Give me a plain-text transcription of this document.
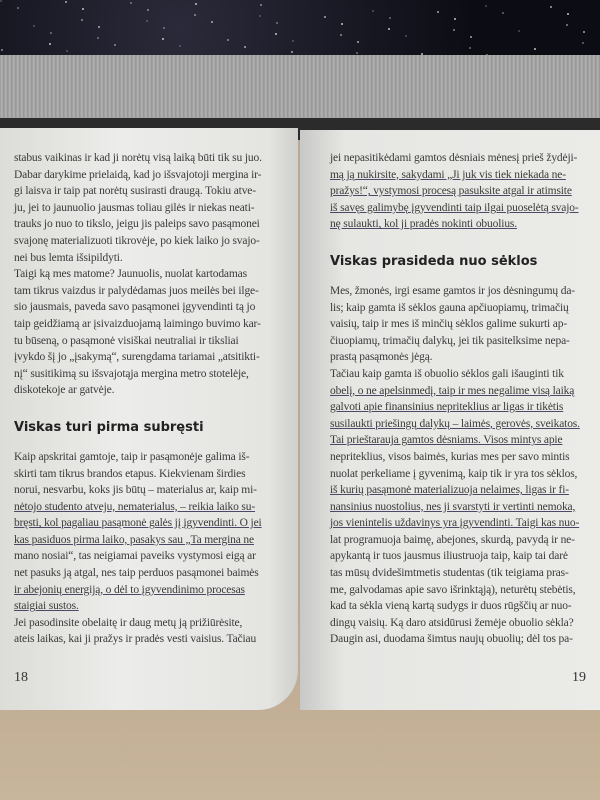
stabus vaikinas ir kad ji norėtų visą laiką būti tik su juo.
Dabar darykime prielaidą, kad jo išsvajotoji mergina ir-
gi laisva ir taip pat norėtų susirasti draugą. Tokiu atve-
ju, jei to jaunuolio jausmas toliau gilės ir niekas neati-
trauks jo nuo to tikslo, jeigu jis paleips savo pasąmonei
svajonę materializuoti tikrovėje, po kiek laiko jo svajo-
nei bus lemta išsipildyti.
Taigi ką mes matome? Jaunuolis, nuolat kartodamas
tam tikrus vaizdus ir palydėdamas juos meilės bei ilge-
sio jausmais, paveda savo pasąmonei įgyvendinti tą jo
taip geidžiamą ar įsivaizduojamą laimingo buvimo kar-
tu būseną, o pasąmonė visiškai neutraliai ir tiksliai
įvykdo šį jo „įsakymą“, surengdama tariamai „atsitikti-
nį“ susitikimą su išsvajotąja mergina metro stotelėje,
diskotekoje ar gatvėje.
Viskas turi pirma subręsti
Kaip apskritai gamtoje, taip ir pasąmonėje galima iš-
skirti tam tikrus brandos etapus. Kiekvienam širdies
norui, nesvarbu, koks jis būtų – materialus ar, kaip mi-
nėtojo studento atveju, nematerialus, – reikia laiko su-
bręsti, kol pagaliau pasąmonė galės jį įgyvendinti. O jei
kas pasiduos pirma laiko, pasakys sau „Ta mergina ne
mano nosiai“, tas neigiamai paveiks vystymosi eigą ar
net pasuks ją atgal, nes taip perduos pasąmonei baimės
ir abejonių energiją, o dėl to įgyvendinimo procesas
staigiai sustos.
Jei pasodinsite obelaitę ir daug metų ją prižiūrėsite,
ateis laikas, kai ji pražys ir pradės vesti vaisius. Tačiau
18
jei nepasitikėdami gamtos dėsniais mėnesį prieš žydėji-
mą ją nukirsite, sakydami „Ji juk vis tiek niekada ne-
pražys!“, vystymosi procesą pasuksite atgal ir atimsite
iš savęs galimybę įgyvendinti taip ilgai puoselėtą svajo-
nę sulaukti, kol ji pradės nokinti obuolius.
Viskas prasideda nuo sėklos
Mes, žmonės, irgi esame gamtos ir jos dėsningumų da-
lis; kaip gamta iš sėklos gauna apčiuopiamų, trimačių
vaisių, taip ir mes iš minčių sėklos galime sukurti ap-
čiuopiamų, trimačių dalykų, jei tik pasitelksime nepa-
prastą pasąmonės jėgą.
Tačiau kaip gamta iš obuolio sėklos gali išauginti tik
obelį, o ne apelsinmedį, taip ir mes negalime visą laiką
galvoti apie finansinius nepriteklius ar ligas ir tikėtis
susilaukti priešingų dalykų – laimės, gerovės, sveikatos.
Tai prieštarauja gamtos dėsniams. Visos mintys apie
nepriteklius, visos baimės, kurias mes per savo mintis
nuolat perkeliame į gyvenimą, kaip tik ir yra tos sėklos,
iš kurių pasąmonė materializuoja nelaimes, ligas ir fi-
nansinius nuostolius, nes ji svarstyti ir vertinti nemoka,
jos vienintelis uždavinys yra įgyvendinti. Taigi kas nuo-
lat programuoja baimę, abejones, skurdą, pavydą ir ne-
apykantą ir tuos jausmus iliustruoja taip, kaip tai darė
tas mūsų dvidešimtmetis studentas (tik teigiama pras-
me, galvodamas apie savo išrinktąją), neturėtų stebėtis,
kad ta sėkla vieną kartą sudygs ir duos rūgščių ar nuo-
dingų vaisių. Ką daro atsidūrusi žemėje obuolio sėkla?
Daugin asi, duodama šimtus naujų obuolių; dėl tos pa-
19
